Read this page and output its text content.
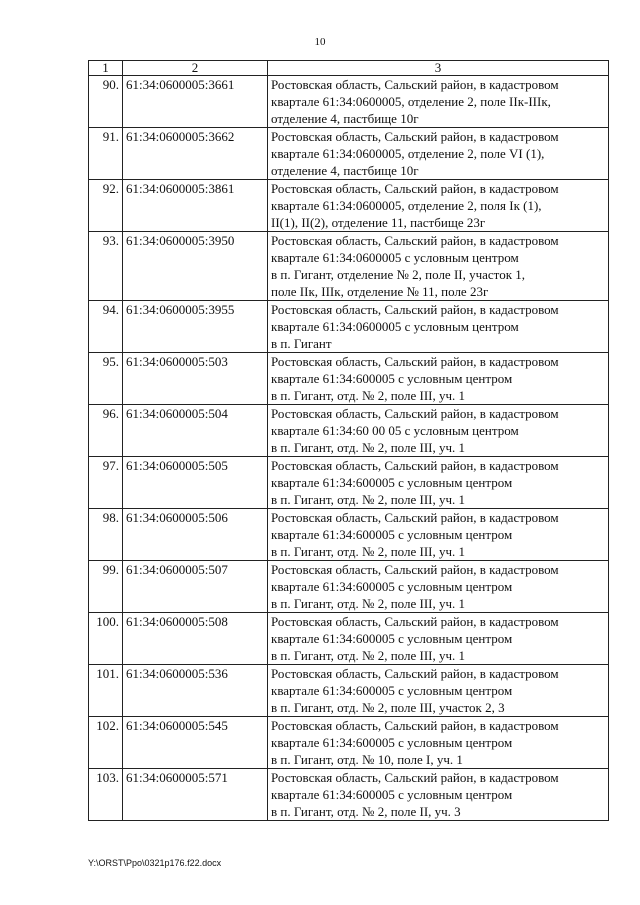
10
1	2	3
90.	61:34:0600005:3661	Ростовская область, Сальский район, в кадастровом
квартале 61:34:0600005, отделение 2, поле IIк-IIIк,
отделение 4, пастбище 10г

91.	61:34:0600005:3662	Ростовская область, Сальский район, в кадастровом
квартале 61:34:0600005, отделение 2, поле VI (1),
отделение 4, пастбище 10г

92.	61:34:0600005:3861	Ростовская область, Сальский район, в кадастровом
квартале 61:34:0600005, отделение 2, поля Iк (1),
II(1), II(2), отделение 11, пастбище 23г

93.	61:34:0600005:3950	Ростовская область, Сальский район, в кадастровом
квартале 61:34:0600005 с условным центром
в п. Гигант, отделение № 2, поле II, участок 1,
поле IIк, IIIк, отделение № 11, поле 23г

94.	61:34:0600005:3955	Ростовская область, Сальский район, в кадастровом
квартале 61:34:0600005 с условным центром
в п. Гигант

95.	61:34:0600005:503	Ростовская область, Сальский район, в кадастровом
квартале 61:34:600005 с условным центром
в п. Гигант, отд. № 2, поле III, уч. 1

96.	61:34:0600005:504	Ростовская область, Сальский район, в кадастровом
квартале 61:34:60 00 05 с условным центром
в п. Гигант, отд. № 2, поле III, уч. 1

97.	61:34:0600005:505	Ростовская область, Сальский район, в кадастровом
квартале 61:34:600005 с условным центром
в п. Гигант, отд. № 2, поле III, уч. 1

98.	61:34:0600005:506	Ростовская область, Сальский район, в кадастровом
квартале 61:34:600005 с условным центром
в п. Гигант, отд. № 2, поле III, уч. 1

99.	61:34:0600005:507	Ростовская область, Сальский район, в кадастровом
квартале 61:34:600005 с условным центром
в п. Гигант, отд. № 2, поле III, уч. 1

100.	61:34:0600005:508	Ростовская область, Сальский район, в кадастровом
квартале 61:34:600005 с условным центром
в п. Гигант, отд. № 2, поле III, уч. 1

101.	61:34:0600005:536	Ростовская область, Сальский район, в кадастровом
квартале 61:34:600005 с условным центром
в п. Гигант, отд. № 2, поле III, участок 2, 3

102.	61:34:0600005:545	Ростовская область, Сальский район, в кадастровом
квартале 61:34:600005 с условным центром
в п. Гигант, отд. № 10, поле I, уч. 1

103.	61:34:0600005:571	Ростовская область, Сальский район, в кадастровом
квартале 61:34:600005 с условным центром
в п. Гигант, отд. № 2, поле II, уч. 3
Y:\ORST\Ppo\0321p176.f22.docx
